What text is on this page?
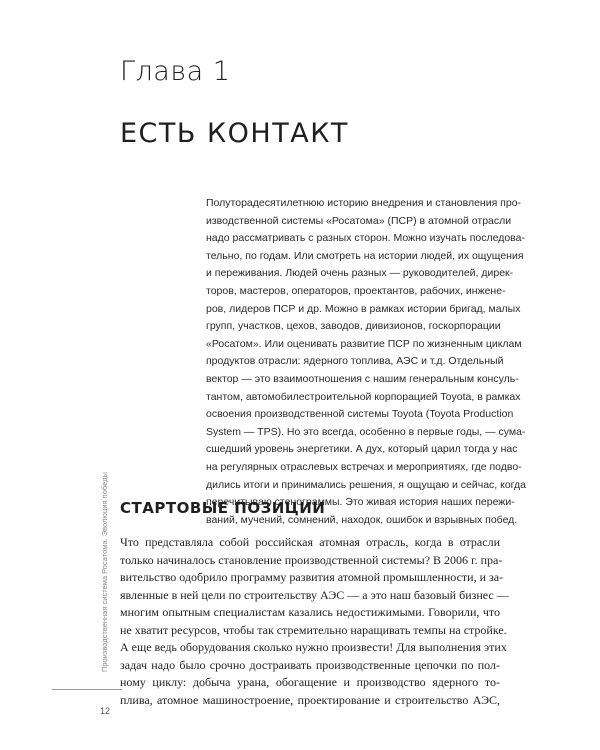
Глава 1
ЕСТЬ КОНТАКТ
Полуторадесятилетнюю историю внедрения и становления про-
изводственной системы «Росатома» (ПСР) в атомной отрасли
надо рассматривать с разных сторон. Можно изучать последова-
тельно, по годам. Или смотреть на истории людей, их ощущения
и переживания. Людей очень разных — руководителей, дирек-
торов, мастеров, операторов, проектантов, рабочих, инжене-
ров, лидеров ПСР и др. Можно в рамках истории бригад, малых
групп, участков, цехов, заводов, дивизионов, госкорпорации
«Росатом». Или оценивать развитие ПСР по жизненным циклам
продуктов отрасли: ядерного топлива, АЭС и т.д. Отдельный
вектор — это взаимоотношения с нашим генеральным консуль-
тантом, автомобилестроительной корпорацией Toyota, в рамках
освоения производственной системы Toyota (Toyota Production
System — TPS). Но это всегда, особенно в первые годы, — сума-
сшедший уровень энергетики. А дух, который царил тогда у нас
на регулярных отраслевых встречах и мероприятиях, где подво-
дились итоги и принимались решения, я ощущаю и сейчас, когда
перечитываю стенограммы. Это живая история наших пережи-
ваний, мучений, сомнений, находок, ошибок и взрывных побед.
СТАРТОВЫЕ ПОЗИЦИИ
Что представляла собой российская атомная отрасль, когда в отрасли
только начиналось становление производственной системы? В 2006 г. пра-
вительство одобрило программу развития атомной промышленности, и за-
явленные в ней цели по строительству АЭС — а это наш базовый бизнес —
многим опытным специалистам казались недостижимыми. Говорили, что
не хватит ресурсов, чтобы так стремительно наращивать темпы на стройке.
А еще ведь оборудования сколько нужно произвести! Для выполнения этих
задач надо было срочно достраивать производственные цепочки по пол-
ному циклу: добыча урана, обогащение и производство ядерного то-
плива, атомное машиностроение, проектирование и строительство АЭС,
Производственная система Росатома. Эволюция победы
12
